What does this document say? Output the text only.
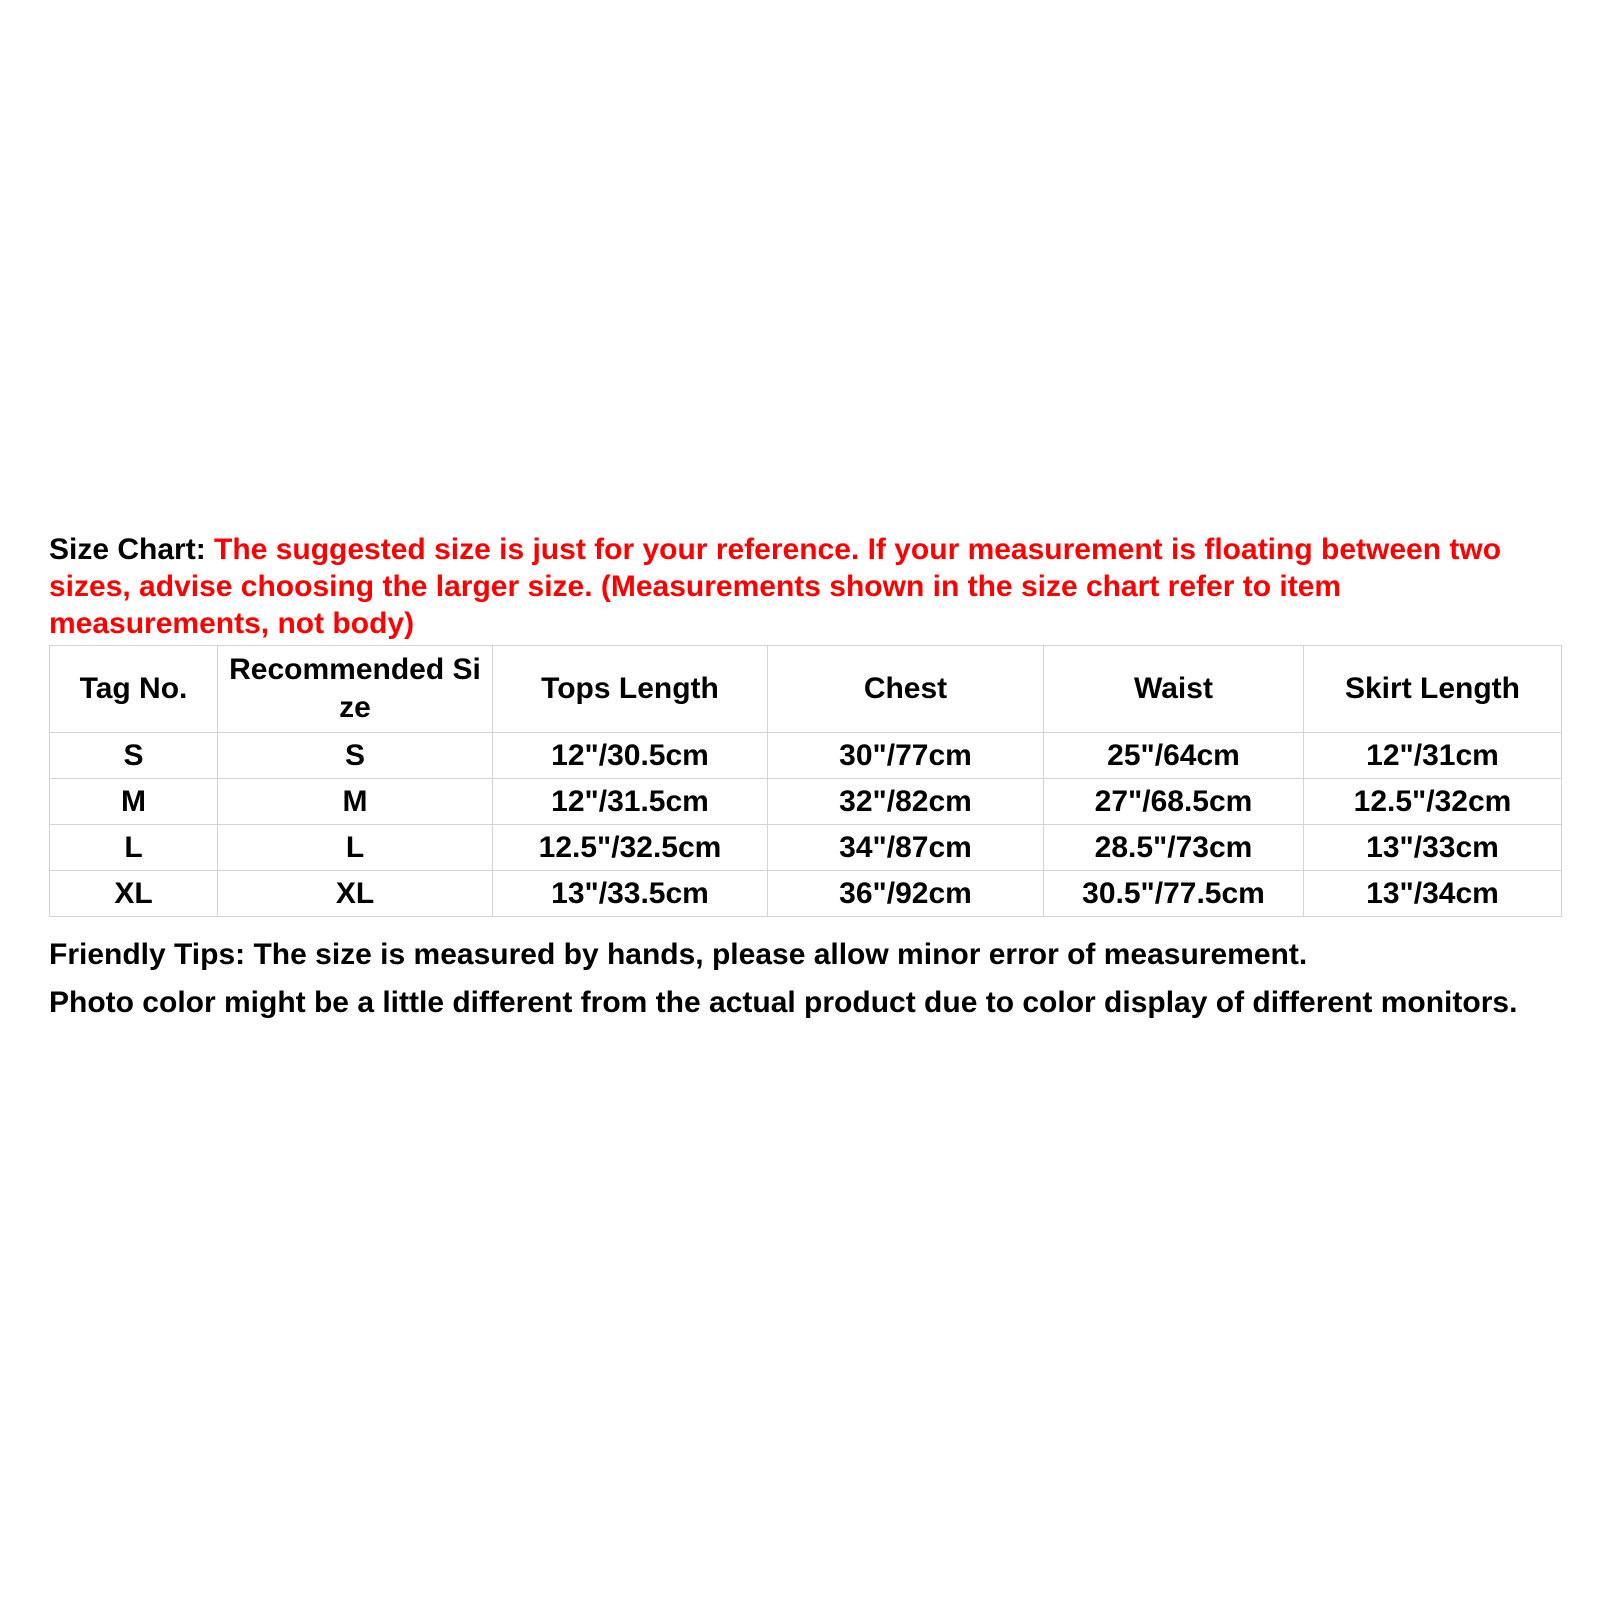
Size Chart: The suggested size is just for your reference. If your measurement is floating between two sizes, advise choosing the larger size. (Measurements shown in the size chart refer to item measurements, not body)

Tag No.	Recommended Size	Tops Length	Chest	Waist	Skirt Length
S	S	12"/30.5cm	30"/77cm	25"/64cm	12"/31cm
M	M	12"/31.5cm	32"/82cm	27"/68.5cm	12.5"/32cm
L	L	12.5"/32.5cm	34"/87cm	28.5"/73cm	13"/33cm
XL	XL	13"/33.5cm	36"/92cm	30.5"/77.5cm	13"/34cm

Friendly Tips: The size is measured by hands, please allow minor error of measurement.

Photo color might be a little different from the actual product due to color display of different monitors.
